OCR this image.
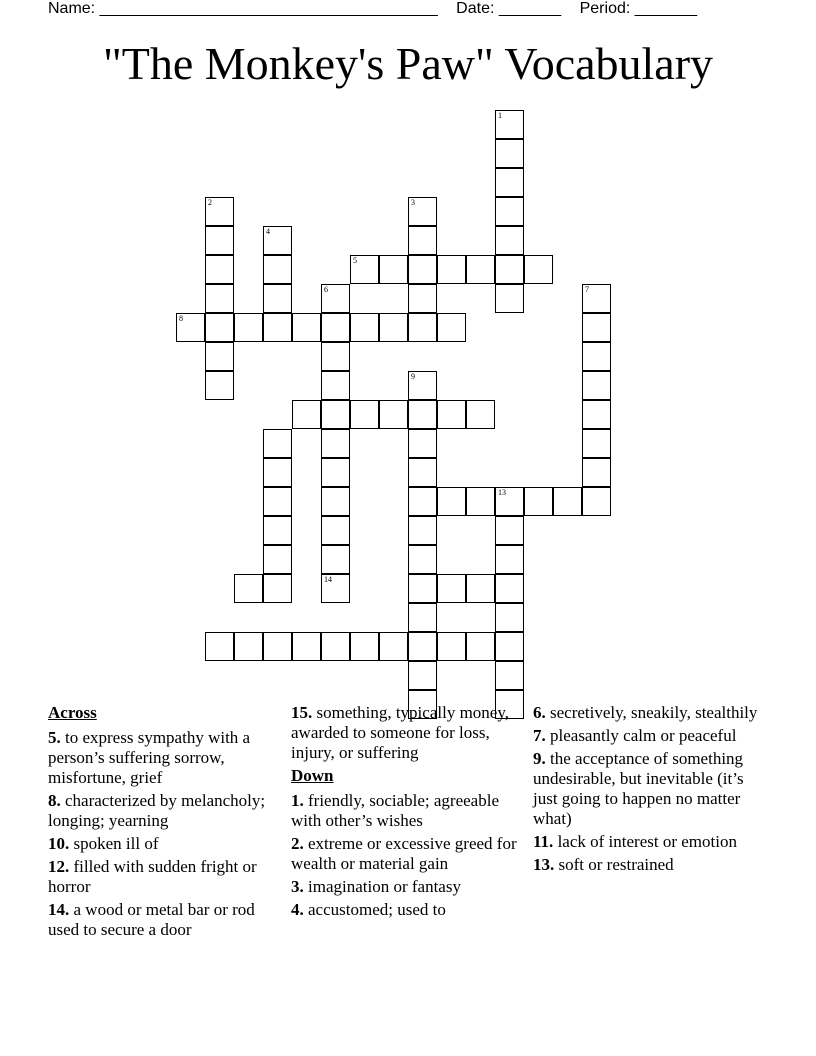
Name: ______________________________________ Date: _______ Period: _______
"The Monkey's Paw" Vocabulary
1
2	3
4
5
6
14
7
8
9
13
Across
5. to express sympathy with a person’s suffering sorrow, misfortune, grief
8. characterized by melancholy; longing; yearning
10. spoken ill of
12. filled with sudden fright or horror
14. a wood or metal bar or rod used to secure a door
15. something, typically money, awarded to someone for loss, injury, or suffering
Down
1. friendly, sociable; agreeable with other’s wishes
2. extreme or excessive greed for wealth or material gain
3. imagination or fantasy
4. accustomed; used to
6. secretively, sneakily, stealthily
7. pleasantly calm or peaceful
9. the acceptance of something undesirable, but inevitable (it’s just going to happen no matter what)
11. lack of interest or emotion
13. soft or restrained
